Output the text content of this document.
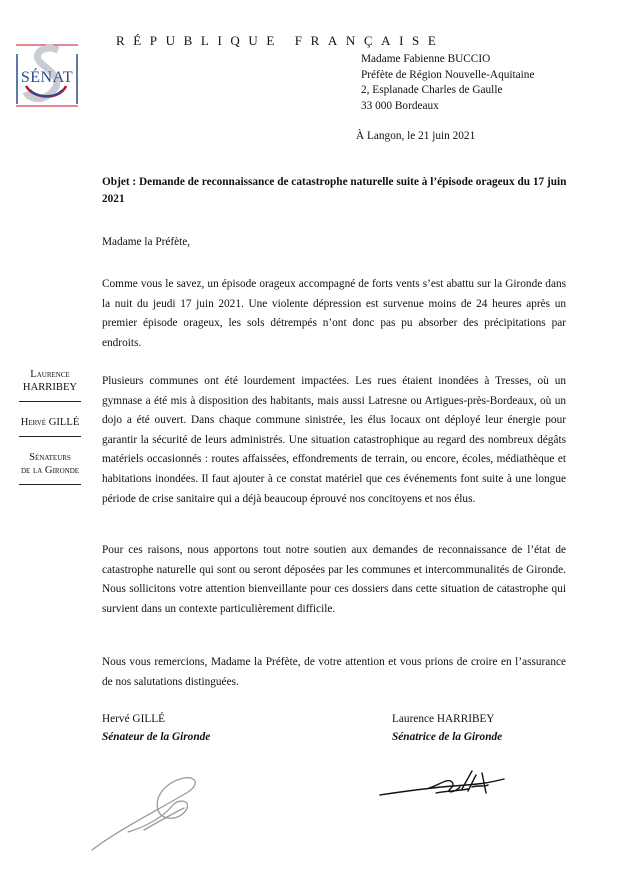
RÉPUBLIQUE FRANÇAISE
SÉNAT
Madame Fabienne BUCCIO
Préfète de Région Nouvelle-Aquitaine
2, Esplanade Charles de Gaulle
33 000 Bordeaux
À Langon, le 21 juin 2021
Objet : Demande de reconnaissance de catastrophe naturelle suite à l’épisode orageux du 17 juin 2021
Madame la Préfète,
Comme vous le savez, un épisode orageux accompagné de forts vents s’est abattu sur la Gironde dans la nuit du jeudi 17 juin 2021. Une violente dépression est survenue moins de 24 heures après un premier épisode orageux, les sols détrempés n’ont donc pas pu absorber des précipitations par endroits.
Plusieurs communes ont été lourdement impactées. Les rues étaient inondées à Tresses, où un gymnase a été mis à disposition des habitants, mais aussi Latresne ou Artigues-près-Bordeaux, où un dojo a été ouvert. Dans chaque commune sinistrée, les élus locaux ont déployé leur énergie pour garantir la sécurité de leurs administrés. Une situation catastrophique au regard des nombreux dégâts matériels occasionnés : routes affaissées, effondrements de terrain, ou encore, écoles, médiathèque et habitations inondées. Il faut ajouter à ce constat matériel que ces événements font suite à une longue période de crise sanitaire qui a déjà beaucoup éprouvé nos concitoyens et nos élus.
Pour ces raisons, nous apportons tout notre soutien aux demandes de reconnaissance de l’état de catastrophe naturelle qui sont ou seront déposées par les communes et intercommunalités de Gironde. Nous sollicitons votre attention bienveillante pour ces dossiers dans cette situation de catastrophe qui survient dans un contexte particulièrement difficile.
Nous vous remercions, Madame la Préfète, de votre attention et vous prions de croire en l’assurance de nos salutations distinguées.
Laurence
HARRIBEY
Hervé GILLÉ
Sénateurs
de la Gironde
Hervé GILLÉ
Sénateur de la Gironde
Laurence HARRIBEY
Sénatrice de la Gironde
